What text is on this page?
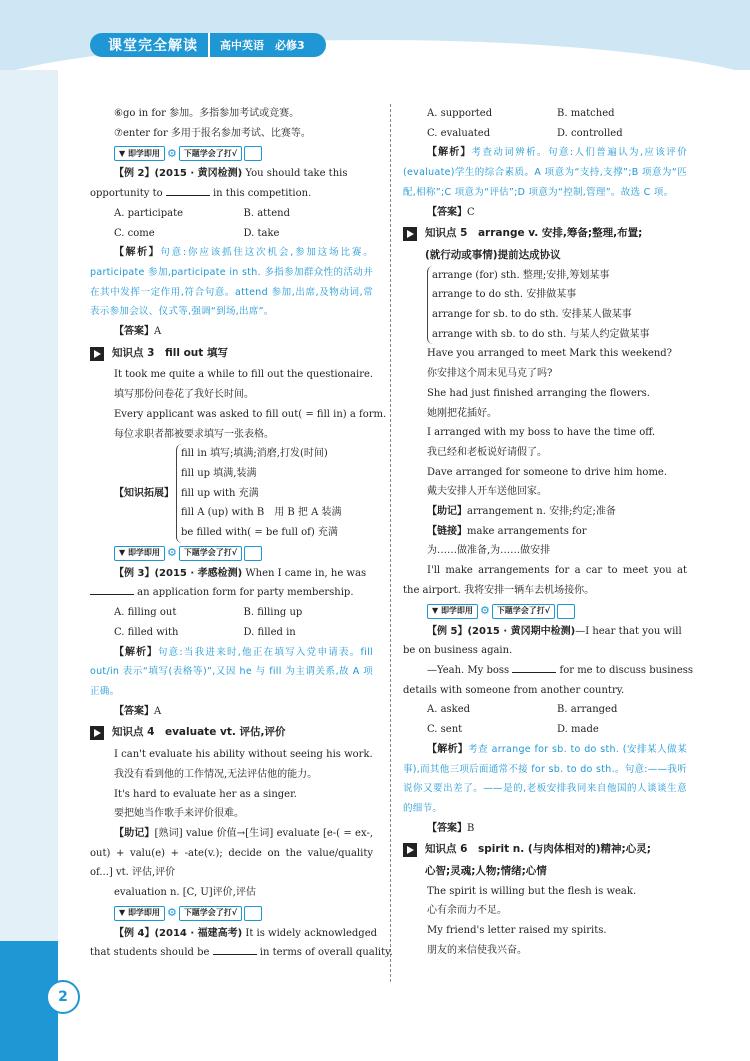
课堂完全解读	高中英语　必修3
2

⑥go in for 参加。多指参加考试或竞赛。

⑦enter for 多用于报名参加考试、比赛等。

▼ 即学即用 ⚙ 下题学会了打√

【例 2】(2015 · 黄冈检测) You should take this

opportunity to	in this competition.

A. participate	B. attend
C. come	D. take

【解析】句意:你应该抓住这次机会,参加这场比赛。participate 参加,participate in sth. 多指参加群众性的活动并在其中发挥一定作用,符合句意。attend 参加,出席,及物动词,常表示参加会议、仪式等,强调“到场,出席”。

【答案】A

知识点 3　fill out 填写

It took me quite a while to fill out the questionaire.

填写那份问卷花了我好长时间。

Every applicant was asked to fill out( = fill in) a form.

每位求职者都被要求填写一张表格。

【知识拓展】

fill in 填写;填满;消磨,打发(时间)

fill up 填满,装满

fill up with 充满

fill A (up) with B　用 B 把 A 装满

be filled with( = be full of) 充满

▼ 即学即用 ⚙ 下题学会了打√

【例 3】(2015 · 孝感检测) When I came in, he was

an application form for party membership.

A. filling out	B. filling up
C. filled with	D. filled in

【解析】句意:当我进来时,他正在填写入党申请表。fill out/in 表示“填写(表格等)”,又因 he 与 fill 为主谓关系,故 A 项正确。

【答案】A

知识点 4　evaluate vt. 评估,评价

I can't evaluate his ability without seeing his work.

我没有看到他的工作情况,无法评估他的能力。

It's hard to evaluate her as a singer.

要把她当作歌手来评价很难。

【助记】[熟词] value 价值→[生词] evaluate [e-( = ex-, out) + valu(e) + -ate(v.); decide on the value/quality of...] vt. 评估,评价

evaluation n. [C, U]评价,评估

▼ 即学即用 ⚙ 下题学会了打√

【例 4】(2014 · 福建高考) It is widely acknowledged

that students should be	in terms of overall quality.

A. supported	B. matched
C. evaluated	D. controlled

【解析】考查动词辨析。句意:人们普遍认为,应该评价(evaluate)学生的综合素质。A 项意为“支持,支撑”;B 项意为“匹配,相称”;C 项意为“评估”;D 项意为“控制,管理”。故选 C 项。

【答案】C

知识点 5　arrange v. 安排,筹备;整理,布置;

(就行动或事情)提前达成协议

arrange (for) sth. 整理;安排,筹划某事

arrange to do sth. 安排做某事

arrange for sb. to do sth. 安排某人做某事

arrange with sb. to do sth. 与某人约定做某事

Have you arranged to meet Mark this weekend?

你安排这个周末见马克了吗?

She had just finished arranging the flowers.

她刚把花插好。

I arranged with my boss to have the time off.

我已经和老板说好请假了。

Dave arranged for someone to drive him home.

戴夫安排人开车送他回家。

【助记】arrangement n. 安排;约定;准备

【链接】make arrangements for

为……做准备,为……做安排

I'll make arrangements for a car to meet you at the airport. 我将安排一辆车去机场接你。

▼ 即学即用 ⚙ 下题学会了打√

【例 5】(2015 · 黄冈期中检测)—I hear that you will

be on business again.

—Yeah. My boss	for me to discuss business

details with someone from another country.

A. asked	B. arranged
C. sent	D. made

【解析】考查 arrange for sb. to do sth. (安排某人做某事),而其他三项后面通常不接 for sb. to do sth.。句意:——我听说你又要出差了。——是的,老板安排我同来自他国的人谈谈生意的细节。

【答案】B

知识点 6　spirit n. (与肉体相对的)精神;心灵;

心智;灵魂;人物;情绪;心情

The spirit is willing but the flesh is weak.

心有余而力不足。

My friend's letter raised my spirits.

朋友的来信使我兴奋。
